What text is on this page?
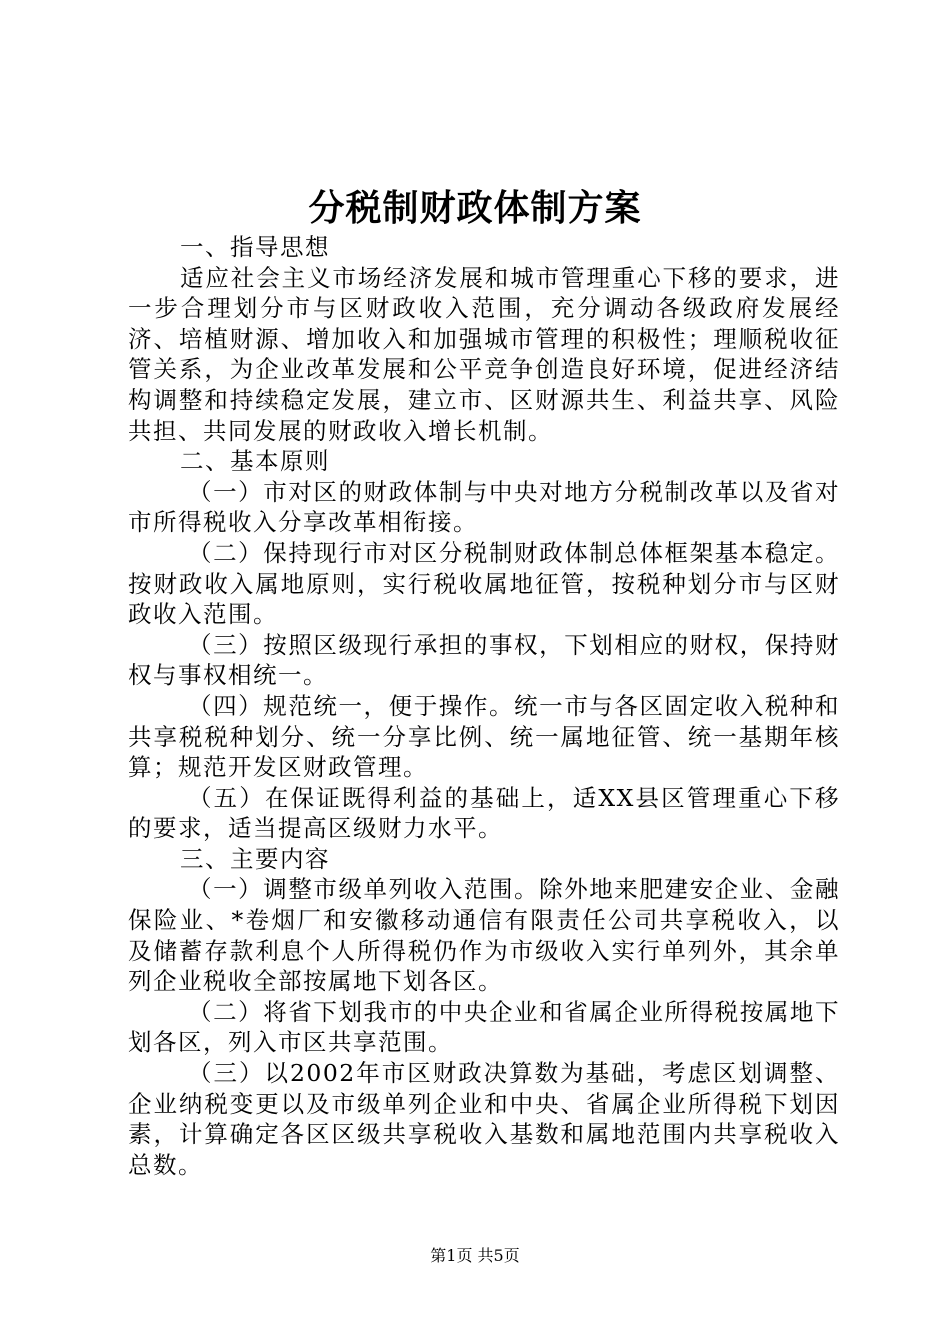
分税制财政体制方案

一、指导思想

适应社会主义市场经济发展和城市管理重心下移的要求，进一步合理划分市与区财政收入范围，充分调动各级政府发展经济、培植财源、增加收入和加强城市管理的积极性；理顺税收征管关系，为企业改革发展和公平竞争创造良好环境，促进经济结构调整和持续稳定发展，建立市、区财源共生、利益共享、风险共担、共同发展的财政收入增长机制。

二、基本原则

（一）市对区的财政体制与中央对地方分税制改革以及省对市所得税收入分享改革相衔接。

（二）保持现行市对区分税制财政体制总体框架基本稳定。按财政收入属地原则，实行税收属地征管，按税种划分市与区财政收入范围。

（三）按照区级现行承担的事权，下划相应的财权，保持财权与事权相统一。

（四）规范统一，便于操作。统一市与各区固定收入税种和共享税税种划分、统一分享比例、统一属地征管、统一基期年核算；规范开发区财政管理。

（五）在保证既得利益的基础上，适XX县区管理重心下移的要求，适当提高区级财力水平。

三、主要内容

（一）调整市级单列收入范围。除外地来肥建安企业、金融保险业、*卷烟厂和安徽移动通信有限责任公司共享税收入，以及储蓄存款利息个人所得税仍作为市级收入实行单列外，其余单列企业税收全部按属地下划各区。

（二）将省下划我市的中央企业和省属企业所得税按属地下划各区，列入市区共享范围。

（三）以2002年市区财政决算数为基础，考虑区划调整、企业纳税变更以及市级单列企业和中央、省属企业所得税下划因素，计算确定各区区级共享税收入基数和属地范围内共享税收入总数。

第1页 共5页
